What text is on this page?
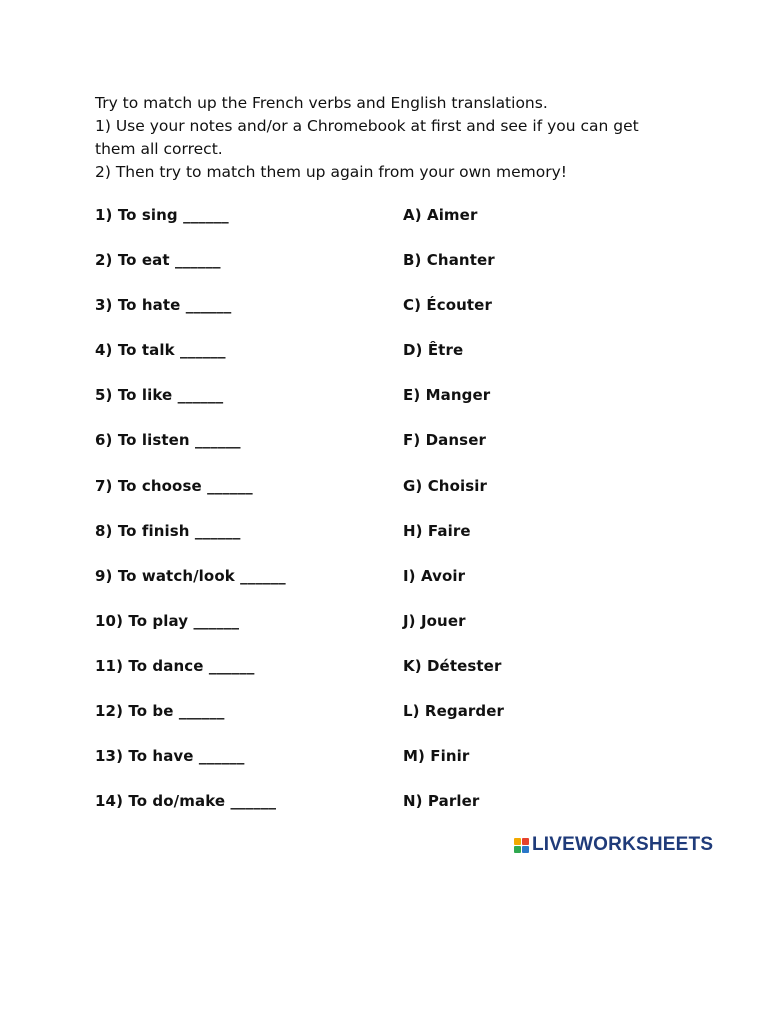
Try to match up the French verbs and English translations.
1) Use your notes and/or a Chromebook at first and see if you can get
them all correct.
2) Then try to match them up again from your own memory!
1) To sing ______	A) Aimer
2) To eat ______	B) Chanter
3) To hate ______	C) Écouter
4) To talk ______	D) Être
5) To like ______	E) Manger
6) To listen ______	F) Danser
7) To choose ______	G) Choisir
8) To finish ______	H) Faire
9) To watch/look ______	I) Avoir
10) To play ______	J) Jouer
11) To dance ______	K) Détester
12) To be ______	L) Regarder
13) To have ______	M) Finir
14) To do/make ______	N) Parler
LIVEWORKSHEETS
